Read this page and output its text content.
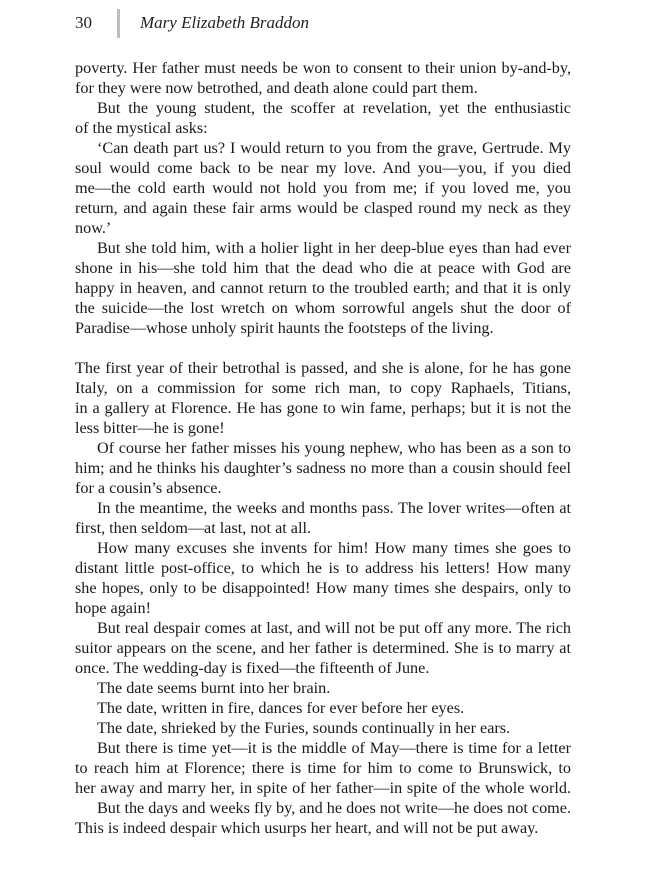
30	Mary Elizabeth Braddon
poverty. Her father must needs be won to consent to their union by-and-by,
for they were now betrothed, and death alone could part them.
But the young student, the scoffer at revelation, yet the enthusiastic
of the mystical asks:
‘Can death part us? I would return to you from the grave, Gertrude. My
soul would come back to be near my love. And you—you, if you died
me—the cold earth would not hold you from me; if you loved me, you
return, and again these fair arms would be clasped round my neck as they
now.’
But she told him, with a holier light in her deep-blue eyes than had ever
shone in his—she told him that the dead who die at peace with God are
happy in heaven, and cannot return to the troubled earth; and that it is only
the suicide—the lost wretch on whom sorrowful angels shut the door of
Paradise—whose unholy spirit haunts the footsteps of the living.
The first year of their betrothal is passed, and she is alone, for he has gone
Italy, on a commission for some rich man, to copy Raphaels, Titians,
in a gallery at Florence. He has gone to win fame, perhaps; but it is not the
less bitter—he is gone!
Of course her father misses his young nephew, who has been as a son to
him; and he thinks his daughter’s sadness no more than a cousin should feel
for a cousin’s absence.
In the meantime, the weeks and months pass. The lover writes—often at
first, then seldom—at last, not at all.
How many excuses she invents for him! How many times she goes to
distant little post-office, to which he is to address his letters! How many
she hopes, only to be disappointed! How many times she despairs, only to
hope again!
But real despair comes at last, and will not be put off any more. The rich
suitor appears on the scene, and her father is determined. She is to marry at
once. The wedding-day is fixed—the fifteenth of June.
The date seems burnt into her brain.
The date, written in fire, dances for ever before her eyes.
The date, shrieked by the Furies, sounds continually in her ears.
But there is time yet—it is the middle of May—there is time for a letter
to reach him at Florence; there is time for him to come to Brunswick, to
her away and marry her, in spite of her father—in spite of the whole world.
But the days and weeks fly by, and he does not write—he does not come.
This is indeed despair which usurps her heart, and will not be put away.
